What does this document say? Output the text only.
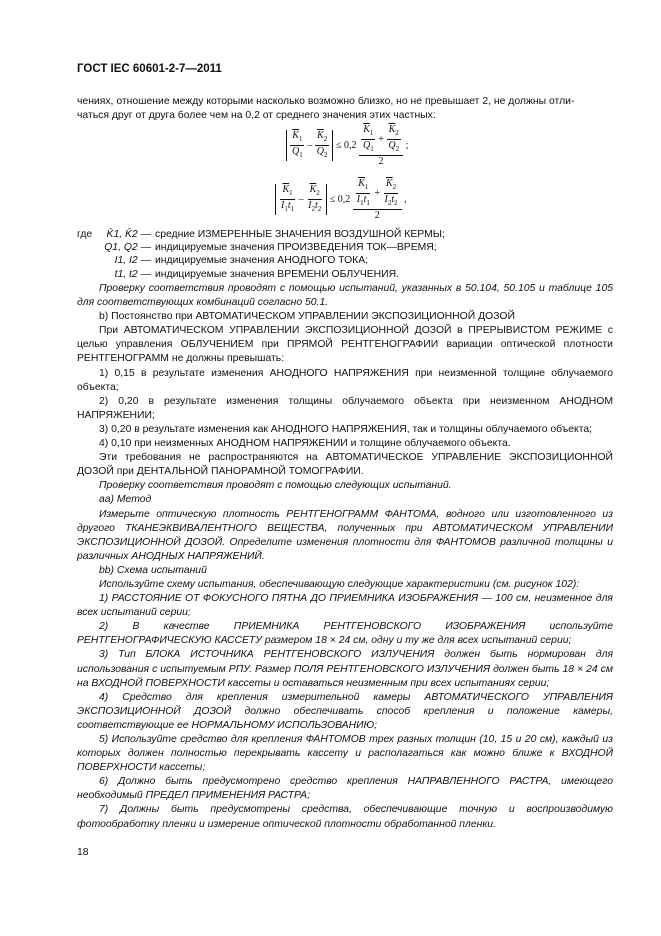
ГОСТ IEC 60601-2-7—2011

чениях, отношение между которыми насколько возможно близко, но не превышает 2, не должны отли-

чаться друг от друга более чем на 0,2 от среднего значения этих частных:

$\frac{\overline{K}_1}{Q_1} - \frac{\overline{K}_2}{Q_2} \le 0,2 \frac{\frac{\overline{K}_1}{Q_1} + \frac{\overline{K}_2}{Q_2}}{2}$ ;
$\frac{\overline{K}_1}{I_1t_1} - \frac{\overline{K}_2}{I_2t_2} \le 0,2 \frac{\frac{\overline{K}_1}{I_1t_1} + \frac{\overline{K}_2}{I_2t_2}}{2}$ ,
где	K̄1, K̄2 — средние ИЗМЕРЕННЫЕ ЗНАЧЕНИЯ ВОЗДУШНОЙ КЕРМЫ;
Q1, Q2 — индицируемые значения ПРОИЗВЕДЕНИЯ ТОК—ВРЕМЯ;
I1, I2 — индицируемые значения АНОДНОГО ТОКА;
t1, t2 — индицируемые значения ВРЕМЕНИ ОБЛУЧЕНИЯ.

Проверку соответствия проводят с помощью испытаний, указанных в 50.104, 50.105 и таблице 105 для соответствующих комбинаций согласно 50.1.

b) Постоянство при АВТОМАТИЧЕСКОМ УПРАВЛЕНИИ ЭКСПОЗИЦИОННОЙ ДОЗОЙ

При АВТОМАТИЧЕСКОМ УПРАВЛЕНИИ ЭКСПОЗИЦИОННОЙ ДОЗОЙ в ПРЕРЫВИСТОМ РЕЖИМЕ с целью управления ОБЛУЧЕНИЕМ при ПРЯМОЙ РЕНТГЕНОГРАФИИ вариации оптической плотности РЕНТГЕНОГРАММ не должны превышать:

1) 0,15 в результате изменения АНОДНОГО НАПРЯЖЕНИЯ при неизменной толщине облучаемого объекта;

2) 0,20 в результате изменения толщины облучаемого объекта при неизменном АНОДНОМ НАПРЯЖЕНИИ;

3) 0,20 в результате изменения как АНОДНОГО НАПРЯЖЕНИЯ, так и толщины облучаемого объекта;

4) 0,10 при неизменных АНОДНОМ НАПРЯЖЕНИИ и толщине облучаемого объекта.

Эти требования не распространяются на АВТОМАТИЧЕСКОЕ УПРАВЛЕНИЕ ЭКСПОЗИЦИОННОЙ ДОЗОЙ при ДЕНТАЛЬНОЙ ПАНОРАМНОЙ ТОМОГРАФИИ.

Проверку соответствия проводят с помощью следующих испытаний.

аа) Метод

Измерьте оптическую плотность РЕНТГЕНОГРАММ ФАНТОМА, водного или изготовленного из другого ТКАНЕЭКВИВАЛЕНТНОГО ВЕЩЕСТВА, полученных при АВТОМАТИЧЕСКОМ УПРАВЛЕНИИ ЭКСПОЗИЦИОННОЙ ДОЗОЙ. Определите изменения плотности для ФАНТОМОВ различной толщины и различных АНОДНЫХ НАПРЯЖЕНИЙ.

bb) Схема испытаний

Используйте схему испытания, обеспечивающую следующие характеристики (см. рисунок 102):

1) РАССТОЯНИЕ ОТ ФОКУСНОГО ПЯТНА ДО ПРИЕМНИКА ИЗОБРАЖЕНИЯ — 100 см, неизменное для всех испытаний серии;

2) В качестве ПРИЕМНИКА РЕНТГЕНОВСКОГО ИЗОБРАЖЕНИЯ используйте РЕНТГЕНОГРАФИЧЕСКУЮ КАССЕТУ размером 18 × 24 см, одну и ту же для всех испытаний серии;

3) Тип БЛОКА ИСТОЧНИКА РЕНТГЕНОВСКОГО ИЗЛУЧЕНИЯ должен быть нормирован для использования с испытуемым РПУ. Размер ПОЛЯ РЕНТГЕНОВСКОГО ИЗЛУЧЕНИЯ должен быть 18 × 24 см на ВХОДНОЙ ПОВЕРХНОСТИ кассеты и оставаться неизменным при всех испытаниях серии;

4) Средство для крепления измерительной камеры АВТОМАТИЧЕСКОГО УПРАВЛЕНИЯ ЭКСПОЗИЦИОННОЙ ДОЗОЙ должно обеспечивать способ крепления и положение камеры, соответствующие ее НОРМАЛЬНОМУ ИСПОЛЬЗОВАНИЮ;

5) Используйте средство для крепления ФАНТОМОВ трех разных толщин (10, 15 и 20 см), каждый из которых должен полностью перекрывать кассету и располагаться как можно ближе к ВХОДНОЙ ПОВЕРХНОСТИ кассеты;

6) Должно быть предусмотрено средство крепления НАПРАВЛЕННОГО РАСТРА, имеющего необходимый ПРЕДЕЛ ПРИМЕНЕНИЯ РАСТРА;

7) Должны быть предусмотрены средства, обеспечивающие точную и воспроизводимую фотообработку пленки и измерение оптической плотности обработанной пленки.

18
